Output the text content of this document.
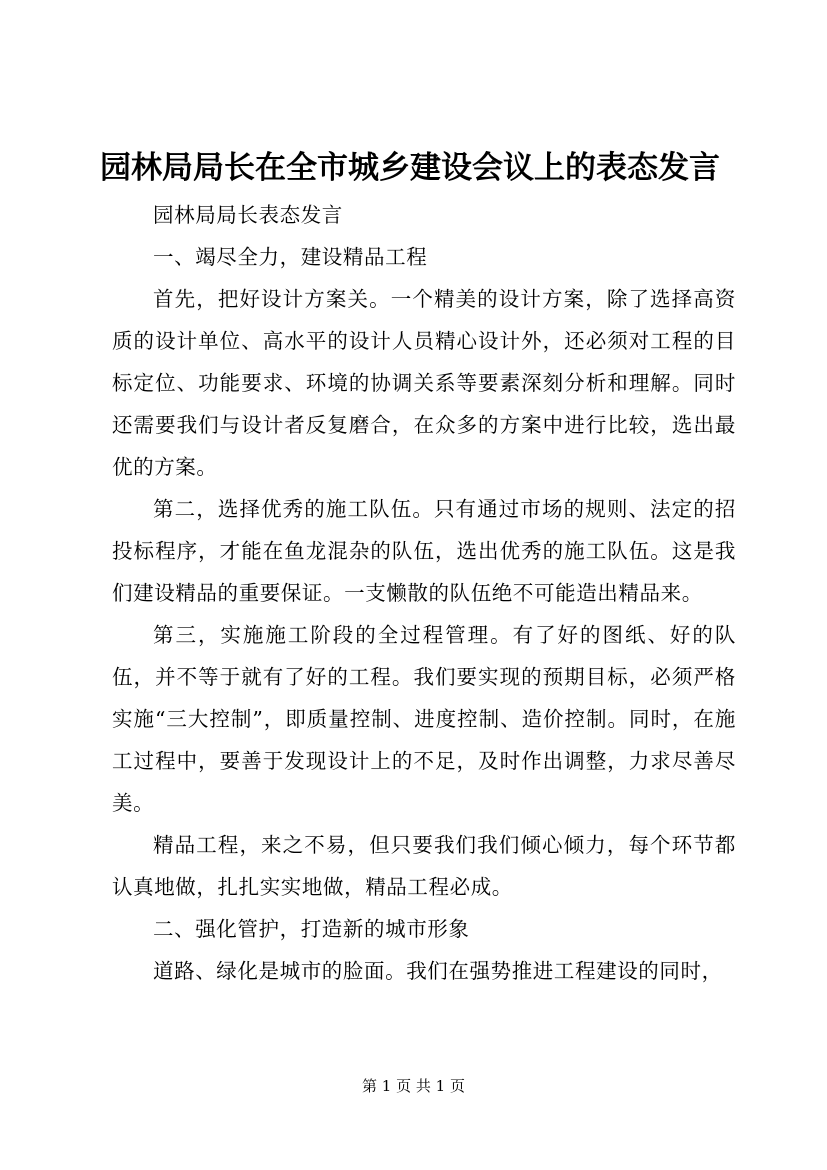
园林局局长在全市城乡建设会议上的表态发言

园林局局长表态发言

一、竭尽全力，建设精品工程

首先，把好设计方案关。一个精美的设计方案，除了选择高资质的设计单位、高水平的设计人员精心设计外，还必须对工程的目标定位、功能要求、环境的协调关系等要素深刻分析和理解。同时还需要我们与设计者反复磨合，在众多的方案中进行比较，选出最优的方案。

第二，选择优秀的施工队伍。只有通过市场的规则、法定的招投标程序，才能在鱼龙混杂的队伍，选出优秀的施工队伍。这是我们建设精品的重要保证。一支懒散的队伍绝不可能造出精品来。

第三，实施施工阶段的全过程管理。有了好的图纸、好的队伍，并不等于就有了好的工程。我们要实现的预期目标，必须严格实施“三大控制”，即质量控制、进度控制、造价控制。同时，在施工过程中，要善于发现设计上的不足，及时作出调整，力求尽善尽美。

精品工程，来之不易，但只要我们我们倾心倾力，每个环节都认真地做，扎扎实实地做，精品工程必成。

二、强化管护，打造新的城市形象

道路、绿化是城市的脸面。我们在强势推进工程建设的同时，

第 1 页 共 1 页
